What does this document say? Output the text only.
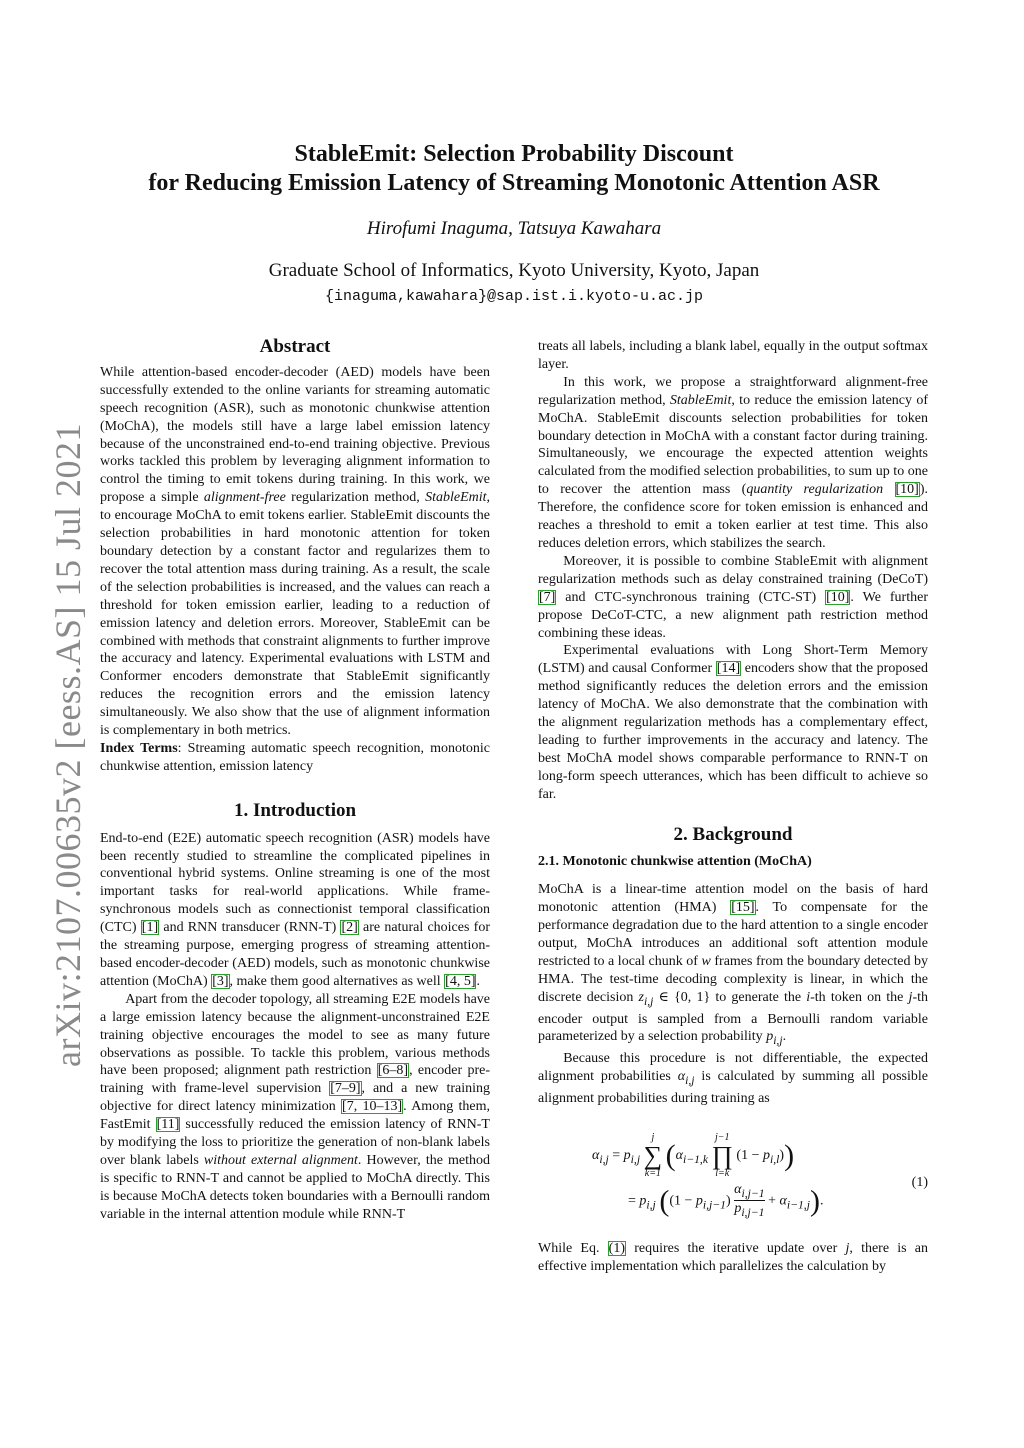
arXiv:2107.00635v2 [eess.AS] 15 Jul 2021
StableEmit: Selection Probability Discount
for Reducing Emission Latency of Streaming Monotonic Attention ASR
Hirofumi Inaguma, Tatsuya Kawahara
Graduate School of Informatics, Kyoto University, Kyoto, Japan
{inaguma,kawahara}@sap.ist.i.kyoto-u.ac.jp
Abstract

While attention-based encoder-decoder (AED) models have been successfully extended to the online variants for streaming automatic speech recognition (ASR), such as monotonic chunkwise attention (MoChA), the models still have a large label emission latency because of the unconstrained end-to-end training objective. Previous works tackled this problem by leveraging alignment information to control the timing to emit tokens during training. In this work, we propose a simple alignment-free regularization method, StableEmit, to encourage MoChA to emit tokens earlier. StableEmit discounts the selection probabilities in hard monotonic attention for token boundary detection by a constant factor and regularizes them to recover the total attention mass during training. As a result, the scale of the selection probabilities is increased, and the values can reach a threshold for token emission earlier, leading to a reduction of emission latency and deletion errors. Moreover, StableEmit can be combined with methods that constraint alignments to further improve the accuracy and latency. Experimental evaluations with LSTM and Conformer encoders demonstrate that StableEmit significantly reduces the recognition errors and the emission latency simultaneously. We also show that the use of alignment information is complementary in both metrics.

Index Terms: Streaming automatic speech recognition, monotonic chunkwise attention, emission latency

1. Introduction

End-to-end (E2E) automatic speech recognition (ASR) models have been recently studied to streamline the complicated pipelines in conventional hybrid systems. Online streaming is one of the most important tasks for real-world applications. While frame-synchronous models such as connectionist temporal classification (CTC) [1] and RNN transducer (RNN-T) [2] are natural choices for the streaming purpose, emerging progress of streaming attention-based encoder-decoder (AED) models, such as monotonic chunkwise attention (MoChA) [3], make them good alternatives as well [4, 5].

Apart from the decoder topology, all streaming E2E models have a large emission latency because the alignment-unconstrained E2E training objective encourages the model to see as many future observations as possible. To tackle this problem, various methods have been proposed; alignment path restriction [6–8], encoder pre-training with frame-level supervision [7–9], and a new training objective for direct latency minimization [7, 10–13]. Among them, FastEmit [11] successfully reduced the emission latency of RNN-T by modifying the loss to prioritize the generation of non-blank labels over blank labels without external alignment. However, the method is specific to RNN-T and cannot be applied to MoChA directly. This is because MoChA detects token boundaries with a Bernoulli random variable in the internal attention module while RNN-T

treats all labels, including a blank label, equally in the output softmax layer.

In this work, we propose a straightforward alignment-free regularization method, StableEmit, to reduce the emission latency of MoChA. StableEmit discounts selection probabilities for token boundary detection in MoChA with a constant factor during training. Simultaneously, we encourage the expected attention weights calculated from the modified selection probabilities, to sum up to one to recover the attention mass (quantity regularization [10]). Therefore, the confidence score for token emission is enhanced and reaches a threshold to emit a token earlier at test time. This also reduces deletion errors, which stabilizes the search.

Moreover, it is possible to combine StableEmit with alignment regularization methods such as delay constrained training (DeCoT) [7] and CTC-synchronous training (CTC-ST) [10]. We further propose DeCoT-CTC, a new alignment path restriction method combining these ideas.

Experimental evaluations with Long Short-Term Memory (LSTM) and causal Conformer [14] encoders show that the proposed method significantly reduces the deletion errors and the emission latency of MoChA. We also demonstrate that the combination with the alignment regularization methods has a complementary effect, leading to further improvements in the accuracy and latency. The best MoChA model shows comparable performance to RNN-T on long-form speech utterances, which has been difficult to achieve so far.

2. Background
2.1. Monotonic chunkwise attention (MoChA)

MoChA is a linear-time attention model on the basis of hard monotonic attention (HMA) [15]. To compensate for the performance degradation due to the hard attention to a single encoder output, MoChA introduces an additional soft attention module restricted to a local chunk of w frames from the boundary detected by HMA. The test-time decoding complexity is linear, in which the discrete decision $z_{i,j}$ ∈ {0, 1} to generate the i-th token on the j-th encoder output is sampled from a Bernoulli random variable parameterized by a selection probability $p_{i,j}$.

Because this procedure is not differentiable, the expected alignment probabilities $\alpha_{i,j}$ is calculated by summing all possible alignment probabilities during training as

$\alpha_{i,j} = p_{i,j}$
j
∑
k=1
($\alpha_{i-1,k}$
j−1
∏
l=k
$(1 - p_{i,l})$)
= $p_{i,j}$ $((1 - p_{i,j-1}) \frac{\alpha_{i,j-1}}{p_{i,j-1}} + \alpha_{i-1,j})$.
(1)

While Eq. (1) requires the iterative update over j, there is an effective implementation which parallelizes the calculation by
